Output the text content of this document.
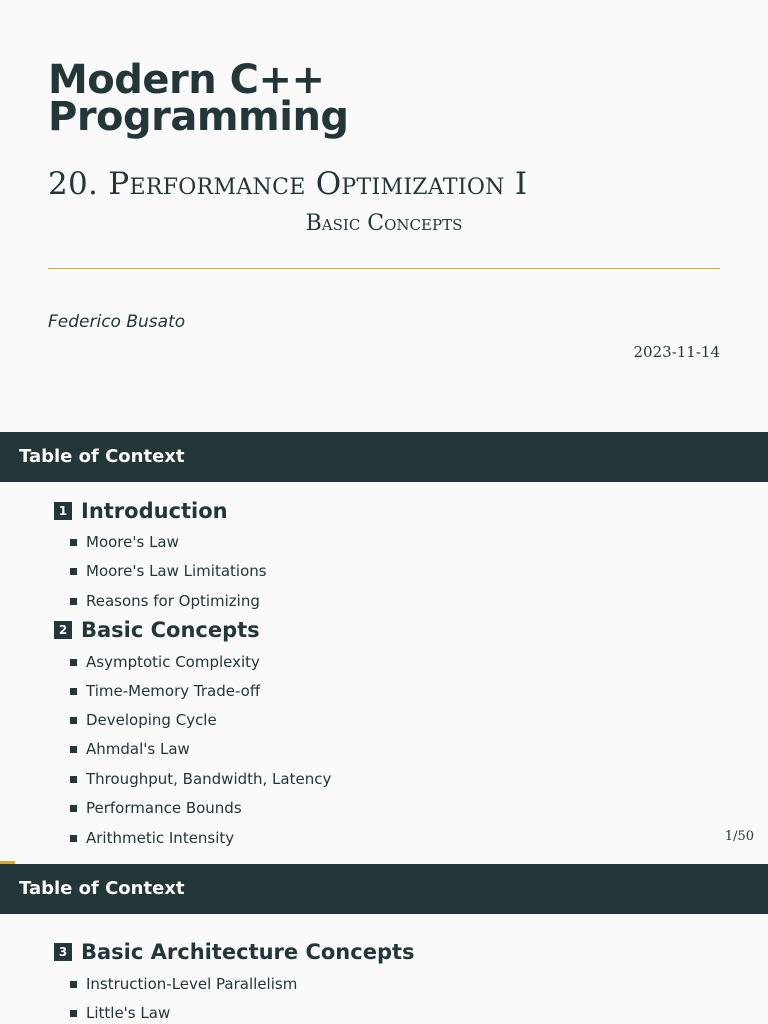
Modern C++
Programming
20. Performance Optimization I
Basic Concepts
Federico Busato
2023-11-14
Table of Context
1 Introduction
Moore's Law
Moore's Law Limitations
Reasons for Optimizing
2 Basic Concepts
Asymptotic Complexity
Time-Memory Trade-off
Developing Cycle
Ahmdal's Law
Throughput, Bandwidth, Latency
Performance Bounds
Arithmetic Intensity	1/50
Table of Context
3 Basic Architecture Concepts
Instruction-Level Parallelism
Little's Law
